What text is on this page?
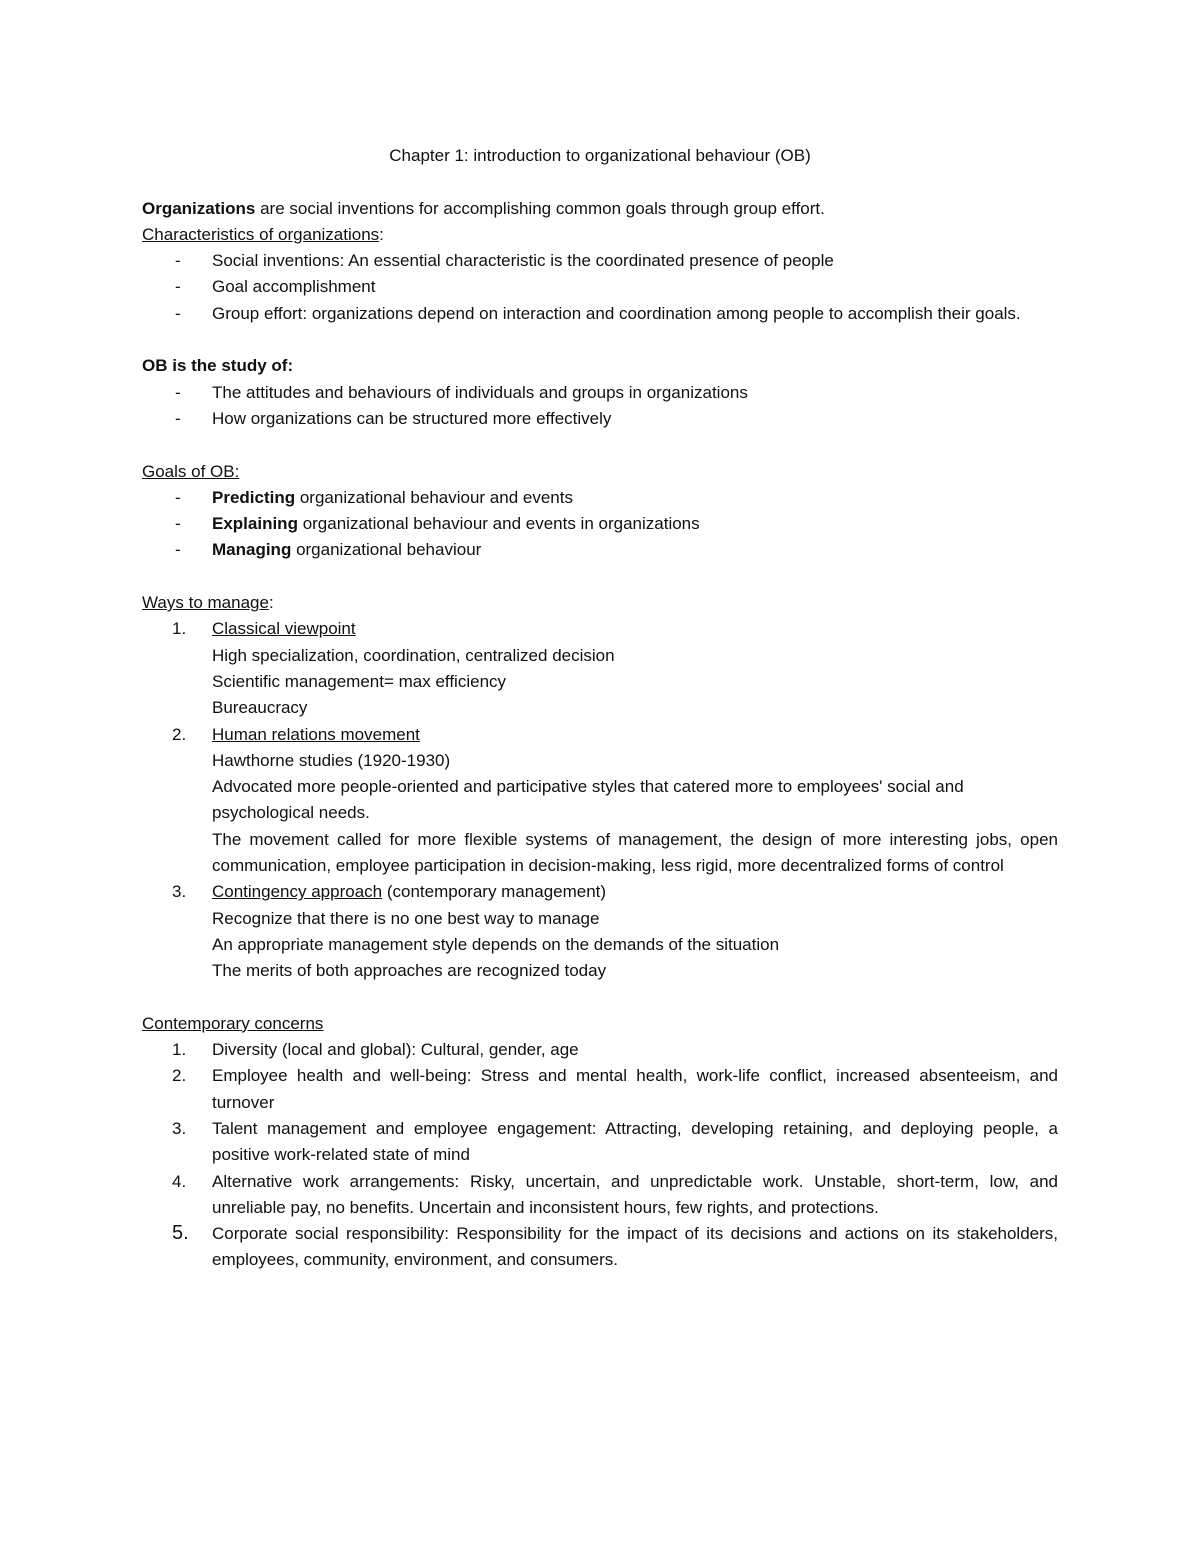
Chapter 1: introduction to organizational behaviour (OB)

Organizations are social inventions for accomplishing common goals through group effort.

Characteristics of organizations:

- Social inventions: An essential characteristic is the coordinated presence of people
- Goal accomplishment
- Group effort: organizations depend on interaction and coordination among people to accomplish their goals.

OB is the study of:

- The attitudes and behaviours of individuals and groups in organizations
- How organizations can be structured more effectively

Goals of OB:

- Predicting organizational behaviour and events
- Explaining organizational behaviour and events in organizations
- Managing organizational behaviour

Ways to manage:

1. Classical viewpoint
High specialization, coordination, centralized decision
Scientific management= max efficiency
Bureaucracy
2. Human relations movement
Hawthorne studies (1920-1930)
Advocated more people-oriented and participative styles that catered more to employees' social and psychological needs.
The movement called for more flexible systems of management, the design of more interesting jobs, open communication, employee participation in decision-making, less rigid, more decentralized forms of control
3. Contingency approach (contemporary management)
Recognize that there is no one best way to manage
An appropriate management style depends on the demands of the situation
The merits of both approaches are recognized today

Contemporary concerns

1. Diversity (local and global): Cultural, gender, age
2. Employee health and well-being: Stress and mental health, work-life conflict, increased absenteeism, and turnover
3. Talent management and employee engagement: Attracting, developing retaining, and deploying people, a positive work-related state of mind
4. Alternative work arrangements: Risky, uncertain, and unpredictable work. Unstable, short-term, low, and unreliable pay, no benefits. Uncertain and inconsistent hours, few rights, and protections.
5. Corporate social responsibility: Responsibility for the impact of its decisions and actions on its stakeholders, employees, community, environment, and consumers.
